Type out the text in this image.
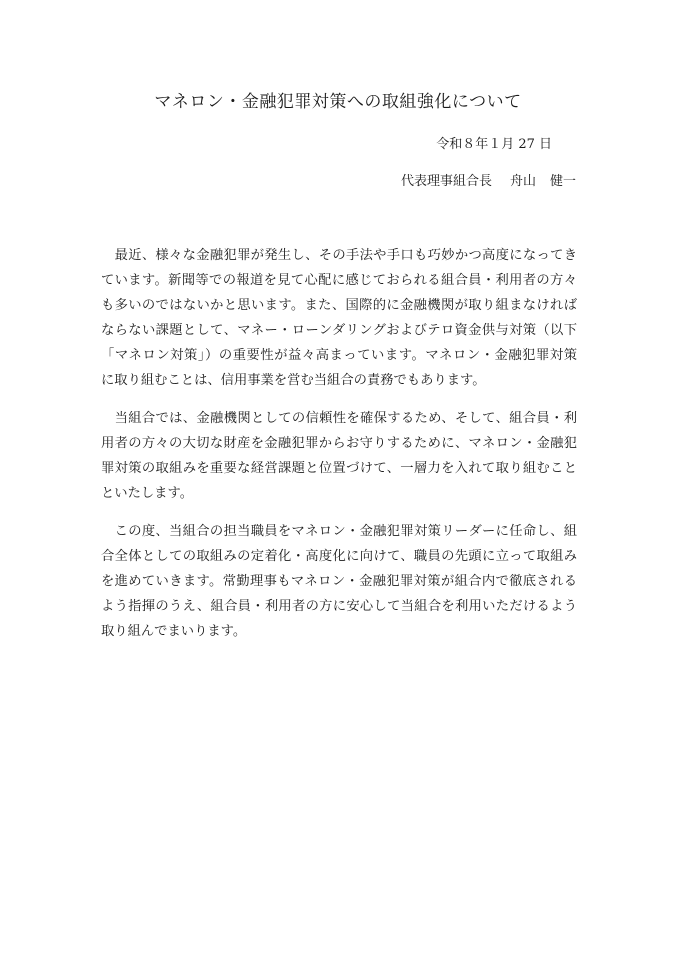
マネロン・金融犯罪対策への取組強化について
令和８年１月 27 日
代表理事組合長 舟山 健一
　最近、様々な金融犯罪が発生し、その手法や手口も巧妙かつ高度になってき
ています。新聞等での報道を見て心配に感じておられる組合員・利用者の方々
も多いのではないかと思います。また、国際的に金融機関が取り組まなければ
ならない課題として、マネー・ローンダリングおよびテロ資金供与対策（以下
「マネロン対策」）の重要性が益々高まっています。マネロン・金融犯罪対策
に取り組むことは、信用事業を営む当組合の責務でもあります。
　当組合では、金融機関としての信頼性を確保するため、そして、組合員・利
用者の方々の大切な財産を金融犯罪からお守りするために、マネロン・金融犯
罪対策の取組みを重要な経営課題と位置づけて、一層力を入れて取り組むこと
といたします。
　この度、当組合の担当職員をマネロン・金融犯罪対策リーダーに任命し、組
合全体としての取組みの定着化・高度化に向けて、職員の先頭に立って取組み
を進めていきます。常勤理事もマネロン・金融犯罪対策が組合内で徹底される
よう指揮のうえ、組合員・利用者の方に安心して当組合を利用いただけるよう
取り組んでまいります。
